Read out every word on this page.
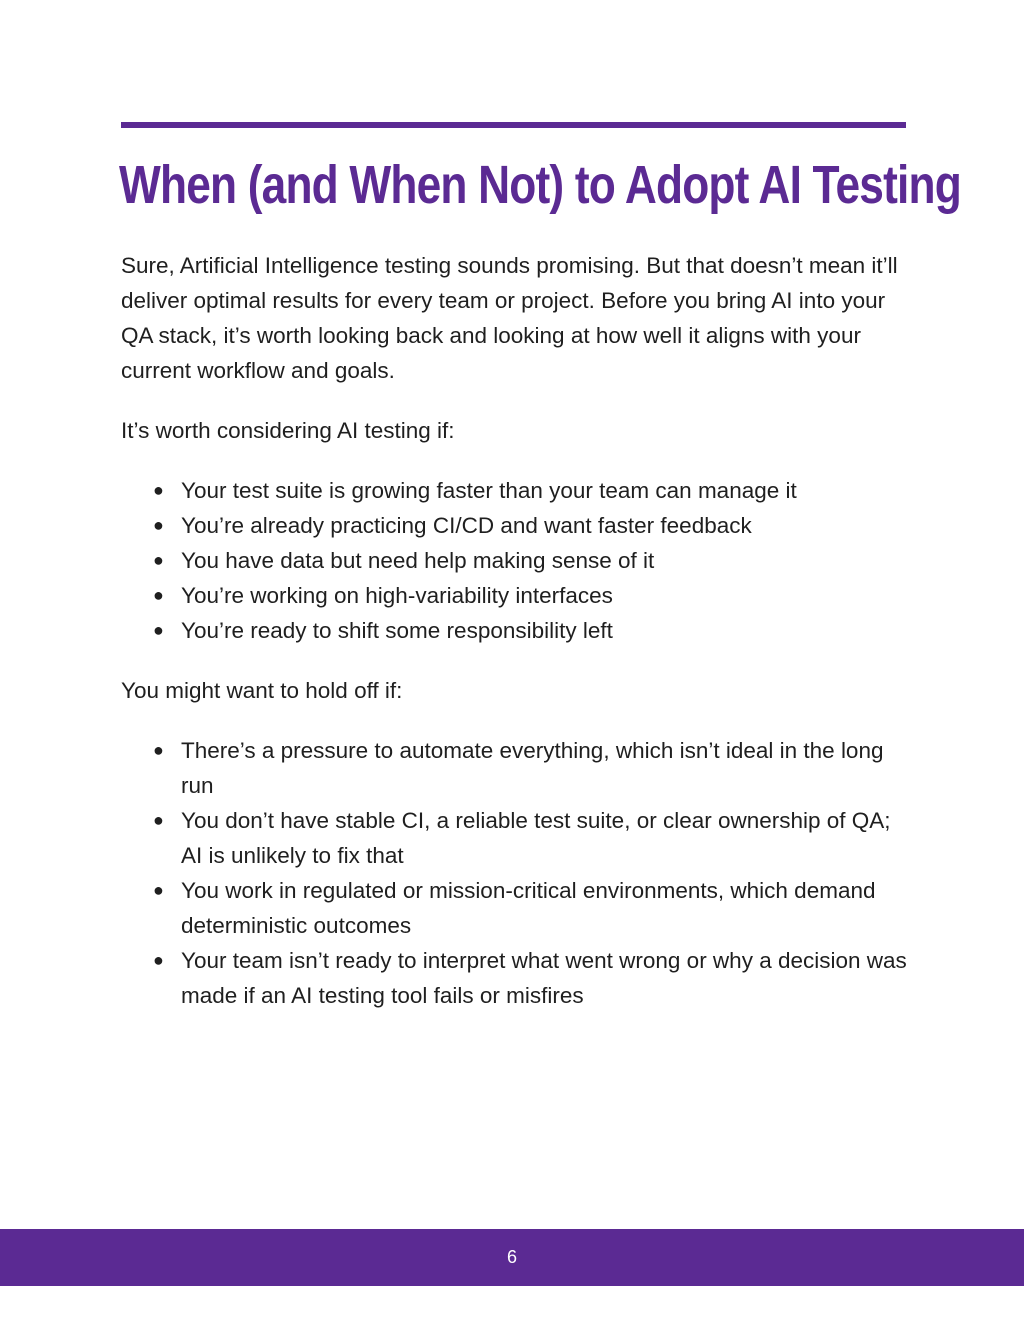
When (and When Not) to Adopt AI Testing

Sure, Artificial Intelligence testing sounds promising. But that doesn’t mean it’ll deliver optimal results for every team or project. Before you bring AI into your QA stack, it’s worth looking back and looking at how well it aligns with your current workflow and goals.

It’s worth considering AI testing if:

● Your test suite is growing faster than your team can manage it
● You’re already practicing CI/CD and want faster feedback
● You have data but need help making sense of it
● You’re working on high-variability interfaces
● You’re ready to shift some responsibility left

You might want to hold off if:

● There’s a pressure to automate everything, which isn’t ideal in the long run
● You don’t have stable CI, a reliable test suite, or clear ownership of QA; AI is unlikely to fix that
● You work in regulated or mission-critical environments, which demand deterministic outcomes
● Your team isn’t ready to interpret what went wrong or why a decision was made if an AI testing tool fails or misfires
6
